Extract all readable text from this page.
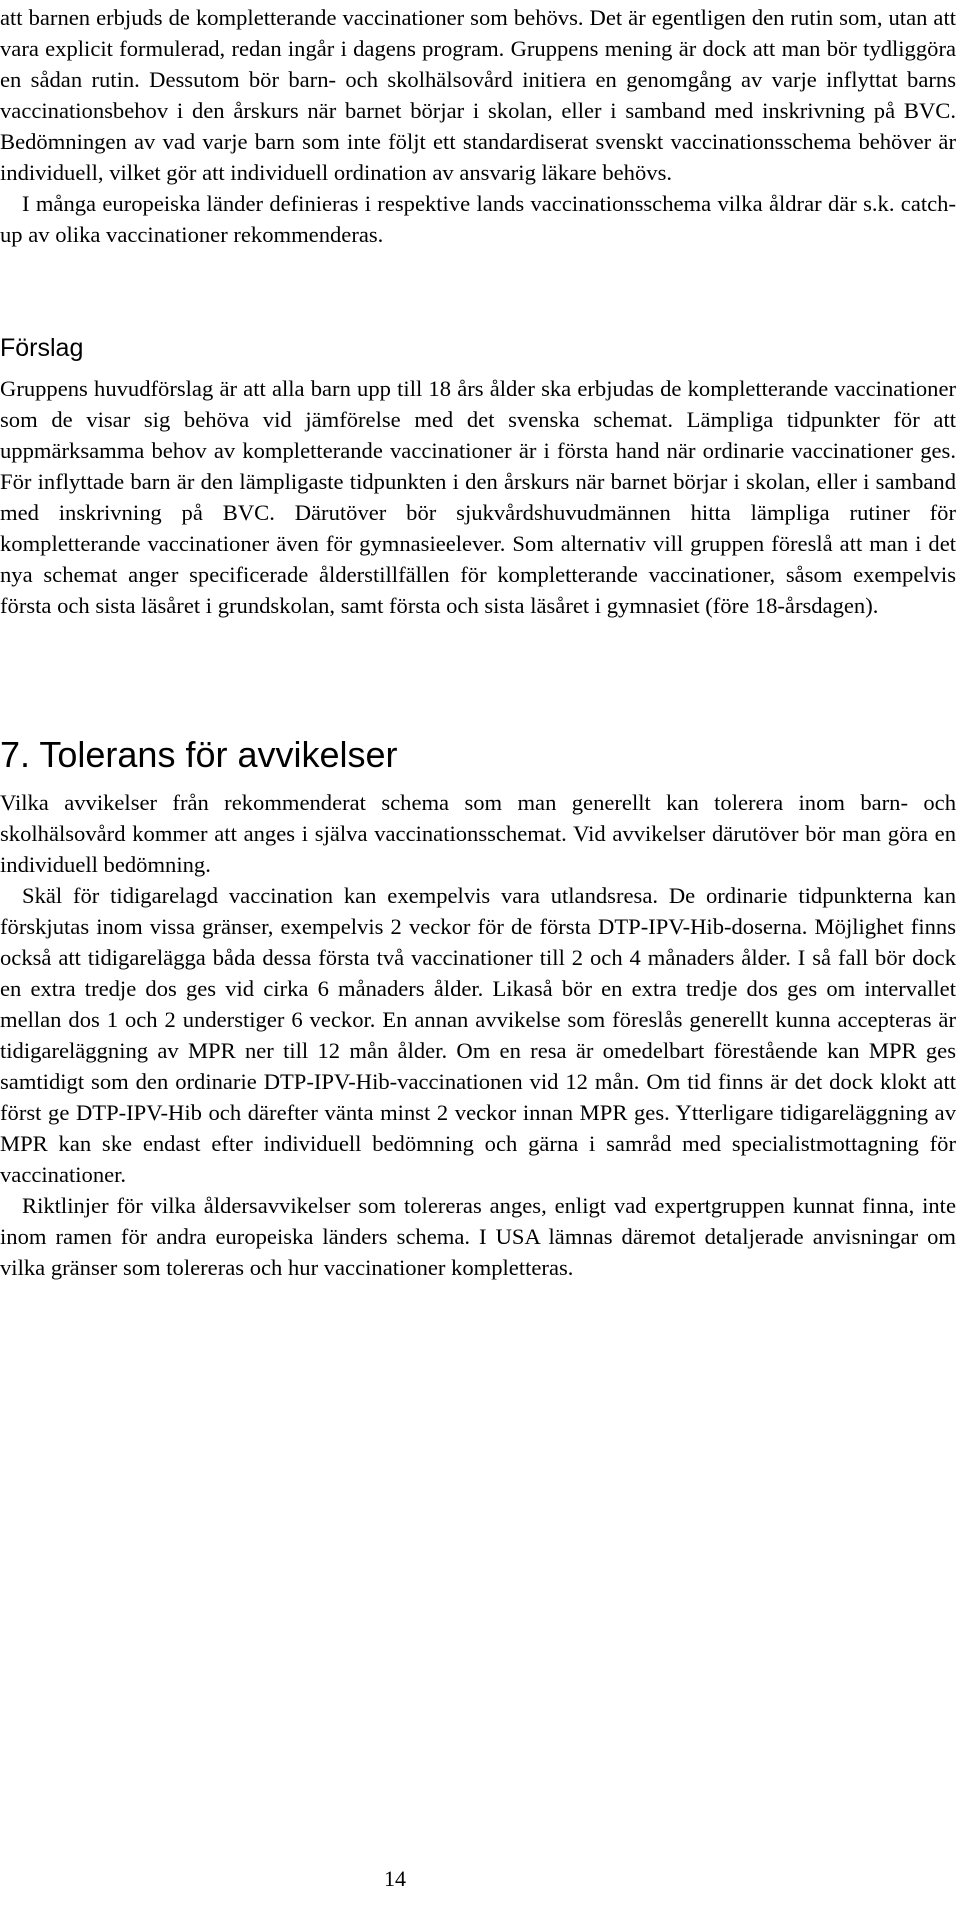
att barnen erbjuds de kompletterande vaccinationer som behövs. Det är egentligen den rutin som, utan att vara explicit formulerad, redan ingår i dagens program. Gruppens mening är dock att man bör tydliggöra en sådan rutin. Dessutom bör barn- och skolhälsovård initiera en genomgång av varje inflyttat barns vaccinationsbehov i den årskurs när barnet börjar i skolan, eller i samband med inskrivning på BVC. Bedömningen av vad varje barn som inte följt ett standardiserat svenskt vaccinationsschema behöver är individuell, vilket gör att individuell ordination av ansvarig läkare behövs.

I många europeiska länder definieras i respektive lands vaccinationsschema vilka åldrar där s.k. catch-up av olika vaccinationer rekommenderas.

Förslag

Gruppens huvudförslag är att alla barn upp till 18 års ålder ska erbjudas de kompletterande vaccinationer som de visar sig behöva vid jämförelse med det svenska schemat. Lämpliga tidpunkter för att uppmärksamma behov av kompletterande vaccinationer är i första hand när ordinarie vaccinationer ges. För inflyttade barn är den lämpligaste tidpunkten i den årskurs när barnet börjar i skolan, eller i samband med inskrivning på BVC. Därutöver bör sjukvårdshuvudmännen hitta lämpliga rutiner för kompletterande vaccinationer även för gymnasieelever. Som alternativ vill gruppen föreslå att man i det nya schemat anger specificerade ålderstillfällen för kompletterande vaccinationer, såsom exempelvis första och sista läsåret i grundskolan, samt första och sista läsåret i gymnasiet (före 18-årsdagen).

7. Tolerans för avvikelser

Vilka avvikelser från rekommenderat schema som man generellt kan tolerera inom barn- och skolhälsovård kommer att anges i själva vaccinationsschemat. Vid avvikelser därutöver bör man göra en individuell bedömning.

Skäl för tidigarelagd vaccination kan exempelvis vara utlandsresa. De ordinarie tidpunkterna kan förskjutas inom vissa gränser, exempelvis 2 veckor för de första DTP-IPV-Hib-doserna. Möjlighet finns också att tidigarelägga båda dessa första två vaccinationer till 2 och 4 månaders ålder. I så fall bör dock en extra tredje dos ges vid cirka 6 månaders ålder. Likaså bör en extra tredje dos ges om intervallet mellan dos 1 och 2 understiger 6 veckor. En annan avvikelse som föreslås generellt kunna accepteras är tidigareläggning av MPR ner till 12 mån ålder. Om en resa är omedelbart förestående kan MPR ges samtidigt som den ordinarie DTP-IPV-Hib-vaccinationen vid 12 mån. Om tid finns är det dock klokt att först ge DTP-IPV-Hib och därefter vänta minst 2 veckor innan MPR ges. Ytterligare tidigareläggning av MPR kan ske endast efter individuell bedömning och gärna i samråd med specialistmottagning för vaccinationer.

Riktlinjer för vilka åldersavvikelser som tolereras anges, enligt vad expertgruppen kunnat finna, inte inom ramen för andra europeiska länders schema. I USA lämnas däremot detaljerade anvisningar om vilka gränser som tolereras och hur vaccinationer kompletteras.

14
